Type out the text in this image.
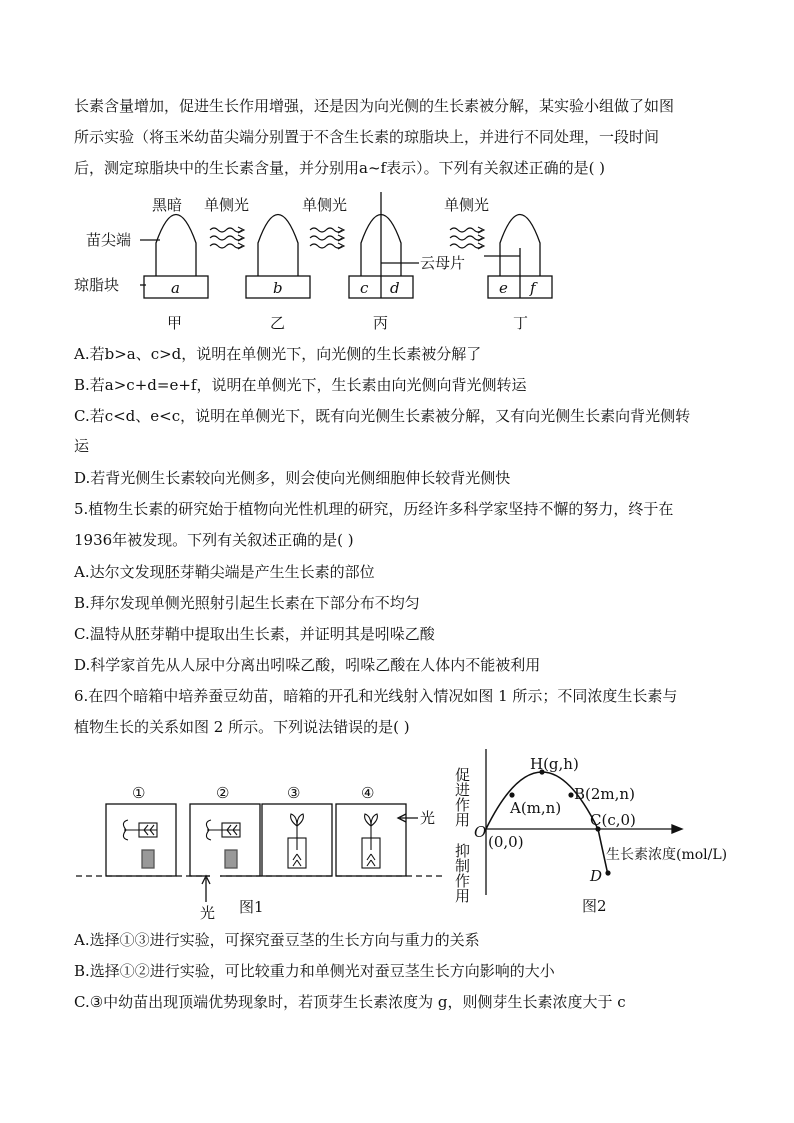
长素含量增加，促进生长作用增强，还是因为向光侧的生长素被分解，某实验小组做了如图
所示实验（将玉米幼苗尖端分别置于不含生长素的琼脂块上，并进行不同处理，一段时间
后，测定琼脂块中的生长素含量，并分别用a~f表示）。下列有关叙述正确的是( )
黑暗 单侧光	单侧光	单侧光
苗尖端
琼脂块
云母片
甲	乙	丙	丁
a	b	c d	e f
A.若b>a、c>d，说明在单侧光下，向光侧的生长素被分解了
B.若a>c+d=e+f，说明在单侧光下，生长素由向光侧向背光侧转运
C.若c<d、e<c，说明在单侧光下，既有向光侧生长素被分解，又有向光侧生长素向背光侧转
运
D.若背光侧生长素较向光侧多，则会使向光侧细胞伸长较背光侧快
5.植物生长素的研究始于植物向光性机理的研究，历经许多科学家坚持不懈的努力，终于在
1936年被发现。下列有关叙述正确的是( )
A.达尔文发现胚芽鞘尖端是产生生长素的部位
B.拜尔发现单侧光照射引起生长素在下部分布不均匀
C.温特从胚芽鞘中提取出生长素，并证明其是吲哚乙酸
D.科学家首先从人尿中分离出吲哚乙酸，吲哚乙酸在人体内不能被利用
6.在四个暗箱中培养蚕豆幼苗，暗箱的开孔和光线射入情况如图 1 所示；不同浓度生长素与
植物生长的关系如图 2 所示。下列说法错误的是( )
①	②	③	④
光
光
图1
促进作用
抑制作用
O
(0,0)
H(g,h)
A(m,n)
B(2m,n)
C(c,0)
D
生长素浓度(mol/L)
图2
A.选择①③进行实验，可探究蚕豆茎的生长方向与重力的关系
B.选择①②进行实验，可比较重力和单侧光对蚕豆茎生长方向影响的大小
C.③中幼苗出现顶端优势现象时，若顶芽生长素浓度为 g，则侧芽生长素浓度大于 c
